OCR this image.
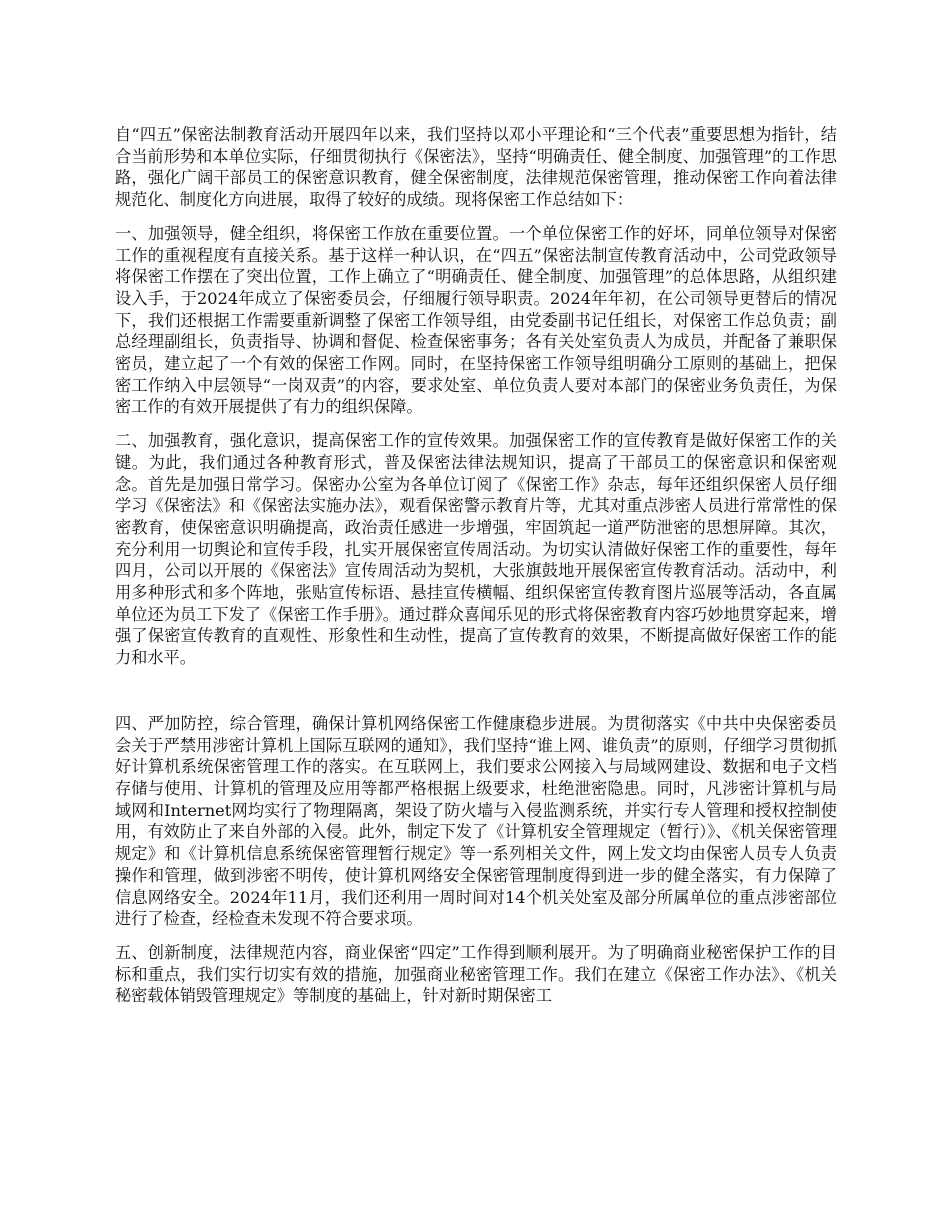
自“四五”保密法制教育活动开展四年以来，我们坚持以邓小平理论和“三个代表”重要思想为指针，结合当前形势和本单位实际，仔细贯彻执行《保密法》，坚持“明确责任、健全制度、加强管理”的工作思路，强化广阔干部员工的保密意识教育，健全保密制度，法律规范保密管理，推动保密工作向着法律规范化、制度化方向进展，取得了较好的成绩。现将保密工作总结如下：

一、加强领导，健全组织，将保密工作放在重要位置。一个单位保密工作的好坏，同单位领导对保密工作的重视程度有直接关系。基于这样一种认识，在“四五”保密法制宣传教育活动中，公司党政领导将保密工作摆在了突出位置，工作上确立了“明确责任、健全制度、加强管理”的总体思路，从组织建设入手，于2024年成立了保密委员会，仔细履行领导职责。2024年年初，在公司领导更替后的情况下，我们还根据工作需要重新调整了保密工作领导组，由党委副书记任组长，对保密工作总负责；副总经理副组长，负责指导、协调和督促、检查保密事务；各有关处室负责人为成员，并配备了兼职保密员，建立起了一个有效的保密工作网。同时，在坚持保密工作领导组明确分工原则的基础上，把保密工作纳入中层领导“一岗双责”的内容，要求处室、单位负责人要对本部门的保密业务负责任，为保密工作的有效开展提供了有力的组织保障。

二、加强教育，强化意识，提高保密工作的宣传效果。加强保密工作的宣传教育是做好保密工作的关键。为此，我们通过各种教育形式，普及保密法律法规知识，提高了干部员工的保密意识和保密观念。首先是加强日常学习。保密办公室为各单位订阅了《保密工作》杂志，每年还组织保密人员仔细学习《保密法》和《保密法实施办法》，观看保密警示教育片等，尤其对重点涉密人员进行常常性的保密教育，使保密意识明确提高，政治责任感进一步增强，牢固筑起一道严防泄密的思想屏障。其次，充分利用一切舆论和宣传手段，扎实开展保密宣传周活动。为切实认清做好保密工作的重要性，每年四月，公司以开展的《保密法》宣传周活动为契机，大张旗鼓地开展保密宣传教育活动。活动中，利用多种形式和多个阵地，张贴宣传标语、悬挂宣传横幅、组织保密宣传教育图片巡展等活动，各直属单位还为员工下发了《保密工作手册》。通过群众喜闻乐见的形式将保密教育内容巧妙地贯穿起来，增强了保密宣传教育的直观性、形象性和生动性，提高了宣传教育的效果，不断提高做好保密工作的能力和水平。

四、严加防控，综合管理，确保计算机网络保密工作健康稳步进展。为贯彻落实《中共中央保密委员会关于严禁用涉密计算机上国际互联网的通知》，我们坚持“谁上网、谁负责”的原则，仔细学习贯彻抓好计算机系统保密管理工作的落实。在互联网上，我们要求公网接入与局域网建设、数据和电子文档存储与使用、计算机的管理及应用等都严格根据上级要求，杜绝泄密隐患。同时，凡涉密计算机与局域网和Internet网均实行了物理隔离，架设了防火墙与入侵监测系统，并实行专人管理和授权控制使用，有效防止了来自外部的入侵。此外，制定下发了《计算机安全管理规定（暂行）》、《机关保密管理规定》和《计算机信息系统保密管理暂行规定》等一系列相关文件，网上发文均由保密人员专人负责操作和管理，做到涉密不明传，使计算机网络安全保密管理制度得到进一步的健全落实，有力保障了信息网络安全。2024年11月，我们还利用一周时间对14个机关处室及部分所属单位的重点涉密部位进行了检查，经检查未发现不符合要求项。

五、创新制度，法律规范内容，商业保密“四定”工作得到顺利展开。为了明确商业秘密保护工作的目标和重点，我们实行切实有效的措施，加强商业秘密管理工作。我们在建立《保密工作办法》、《机关秘密载体销毁管理规定》等制度的基础上，针对新时期保密工
